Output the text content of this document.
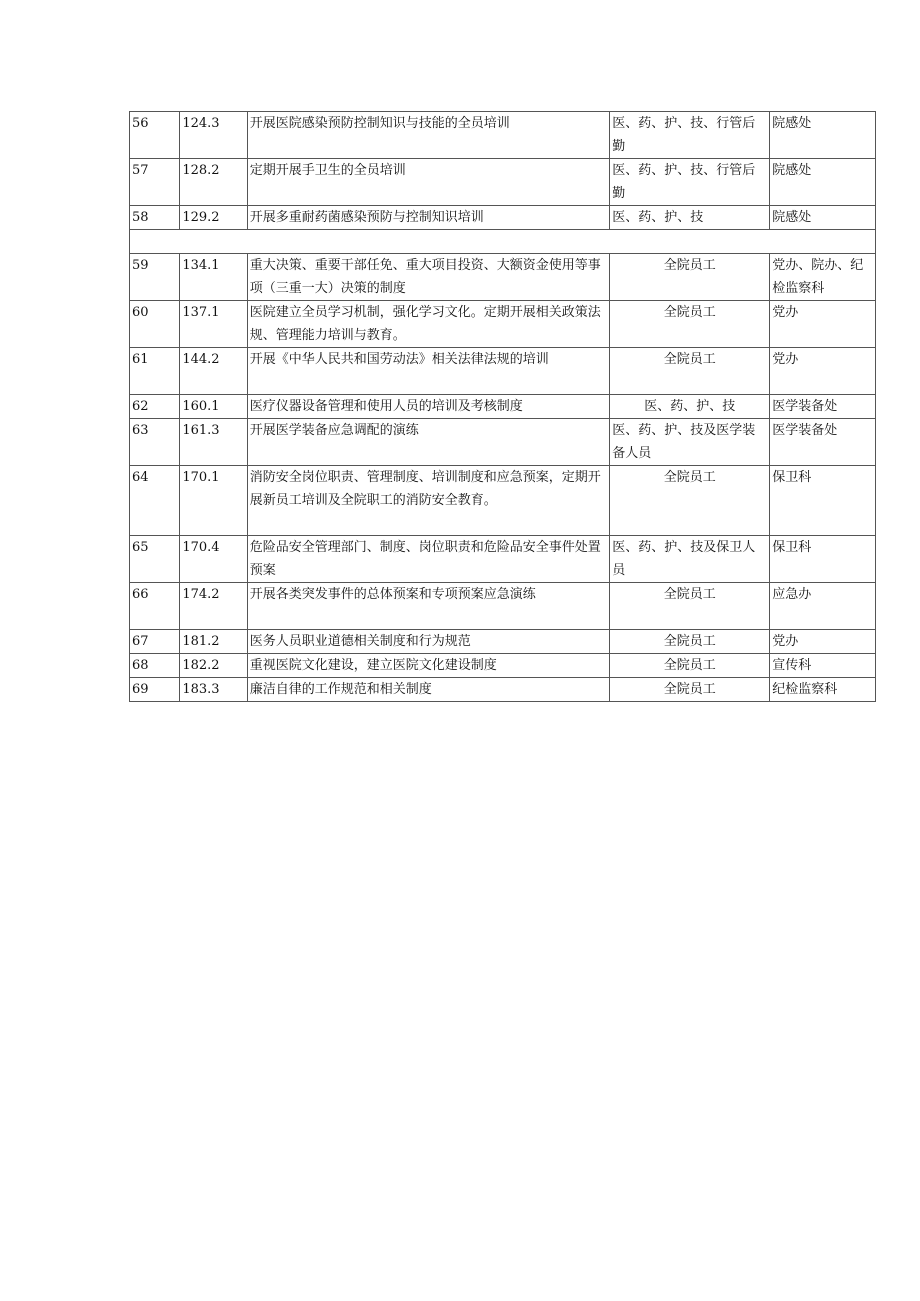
56	124.3	开展医院感染预防控制知识与技能的全员培训	医、药、护、技、行管后勤	院感处
57	128.2	定期开展手卫生的全员培训	医、药、护、技、行管后勤	院感处
58	129.2	开展多重耐药菌感染预防与控制知识培训	医、药、护、技	院感处

59	134.1	重大决策、重要干部任免、重大项目投资、大额资金使用等事项（三重一大）决策的制度	全院员工	党办、院办、纪检监察科
60	137.1	医院建立全员学习机制，强化学习文化。定期开展相关政策法规、管理能力培训与教育。	全院员工	党办
61	144.2	开展《中华人民共和国劳动法》相关法律法规的培训	全院员工	党办
62	160.1	医疗仪器设备管理和使用人员的培训及考核制度	医、药、护、技	医学装备处
63	161.3	开展医学装备应急调配的演练	医、药、护、技及医学装备人员	医学装备处
64	170.1	消防安全岗位职责、管理制度、培训制度和应急预案，定期开展新员工培训及全院职工的消防安全教育。	全院员工	保卫科
65	170.4	危险品安全管理部门、制度、岗位职责和危险品安全事件处置预案	医、药、护、技及保卫人员	保卫科
66	174.2	开展各类突发事件的总体预案和专项预案应急演练	全院员工	应急办
67	181.2	医务人员职业道德相关制度和行为规范	全院员工	党办
68	182.2	重视医院文化建设，建立医院文化建设制度	全院员工	宣传科
69	183.3	廉洁自律的工作规范和相关制度	全院员工	纪检监察科
